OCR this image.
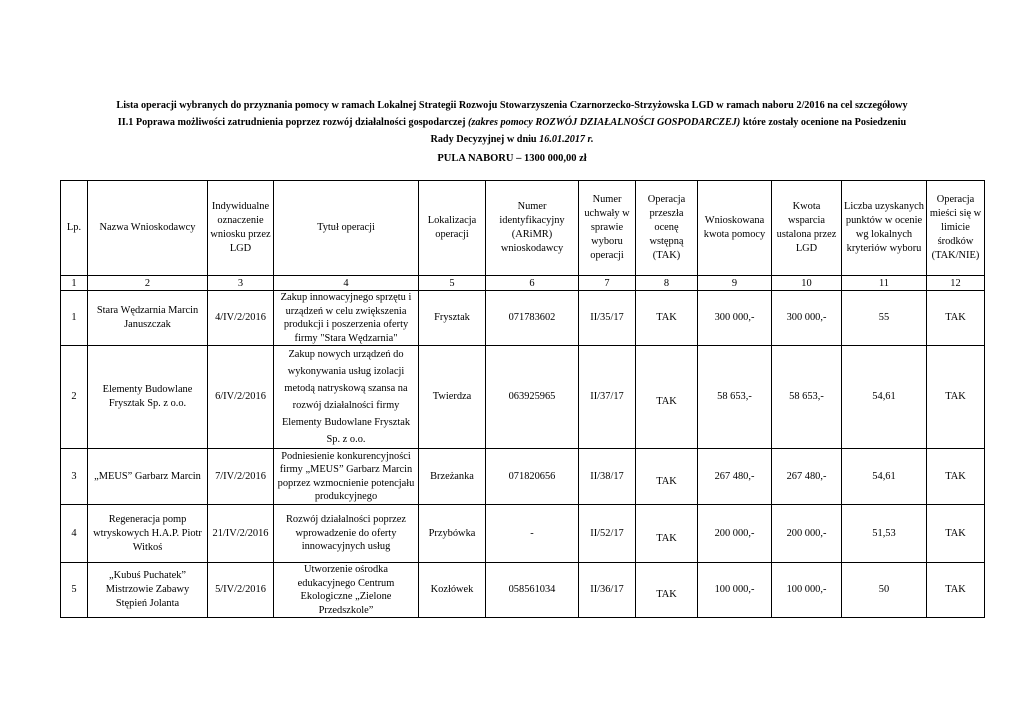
Lista operacji wybranych do przyznania pomocy w ramach Lokalnej Strategii Rozwoju Stowarzyszenia Czarnorzecko-Strzyżowska LGD w ramach naboru 2/2016 na cel szczegółowy
II.1 Poprawa możliwości zatrudnienia poprzez rozwój działalności gospodarczej (zakres pomocy ROZWÓJ DZIAŁALNOŚCI GOSPODARCZEJ) które zostały ocenione na Posiedzeniu
Rady Decyzyjnej w dniu 16.01.2017 r.
PULA NABORU – 1300 000,00 zł
Lp.	Nazwa Wnioskodawcy	Indywidualne oznaczenie wniosku przez LGD	Tytuł operacji	Lokalizacja operacji	Numer identyfikacyjny (ARiMR) wnioskodawcy	Numer uchwały w sprawie wyboru operacji	Operacja przeszła ocenę wstępną (TAK)	Wnioskowana kwota pomocy	Kwota wsparcia ustalona przez LGD	Liczba uzyskanych punktów w ocenie wg lokalnych kryteriów wyboru	Operacja mieści się w limicie środków (TAK/NIE)
1	2	3	4	5	6	7	8	9	10	11	12
1	Stara Wędzarnia Marcin Januszczak	4/IV/2/2016	Zakup innowacyjnego sprzętu i urządzeń w celu zwiększenia produkcji i poszerzenia oferty firmy "Stara Wędzarnia"	Frysztak	071783602	II/35/17	TAK	300 000,-	300 000,-	55	TAK
2	Elementy Budowlane Frysztak Sp. z o.o.	6/IV/2/2016	Zakup nowych urządzeń do wykonywania usług izolacji metodą natryskową szansa na rozwój działalności firmy Elementy Budowlane Frysztak Sp. z o.o.	Twierdza	063925965	II/37/17	TAK	58 653,-	58 653,-	54,61	TAK
3	„MEUS” Garbarz Marcin	7/IV/2/2016	Podniesienie konkurencyjności firmy „MEUS” Garbarz Marcin poprzez wzmocnienie potencjału produkcyjnego	Brzeżanka	071820656	II/38/17	TAK	267 480,-	267 480,-	54,61	TAK
4	Regeneracja pomp wtryskowych H.A.P. Piotr Witkoś	21/IV/2/2016	Rozwój działalności poprzez wprowadzenie do oferty innowacyjnych usług	Przybówka	-	II/52/17	TAK	200 000,-	200 000,-	51,53	TAK
5	„Kubuś Puchatek” Mistrzowie Zabawy Stępień Jolanta	5/IV/2/2016	Utworzenie ośrodka edukacyjnego Centrum Ekologiczne „Zielone Przedszkole”	Kozłówek	058561034	II/36/17	TAK	100 000,-	100 000,-	50	TAK
